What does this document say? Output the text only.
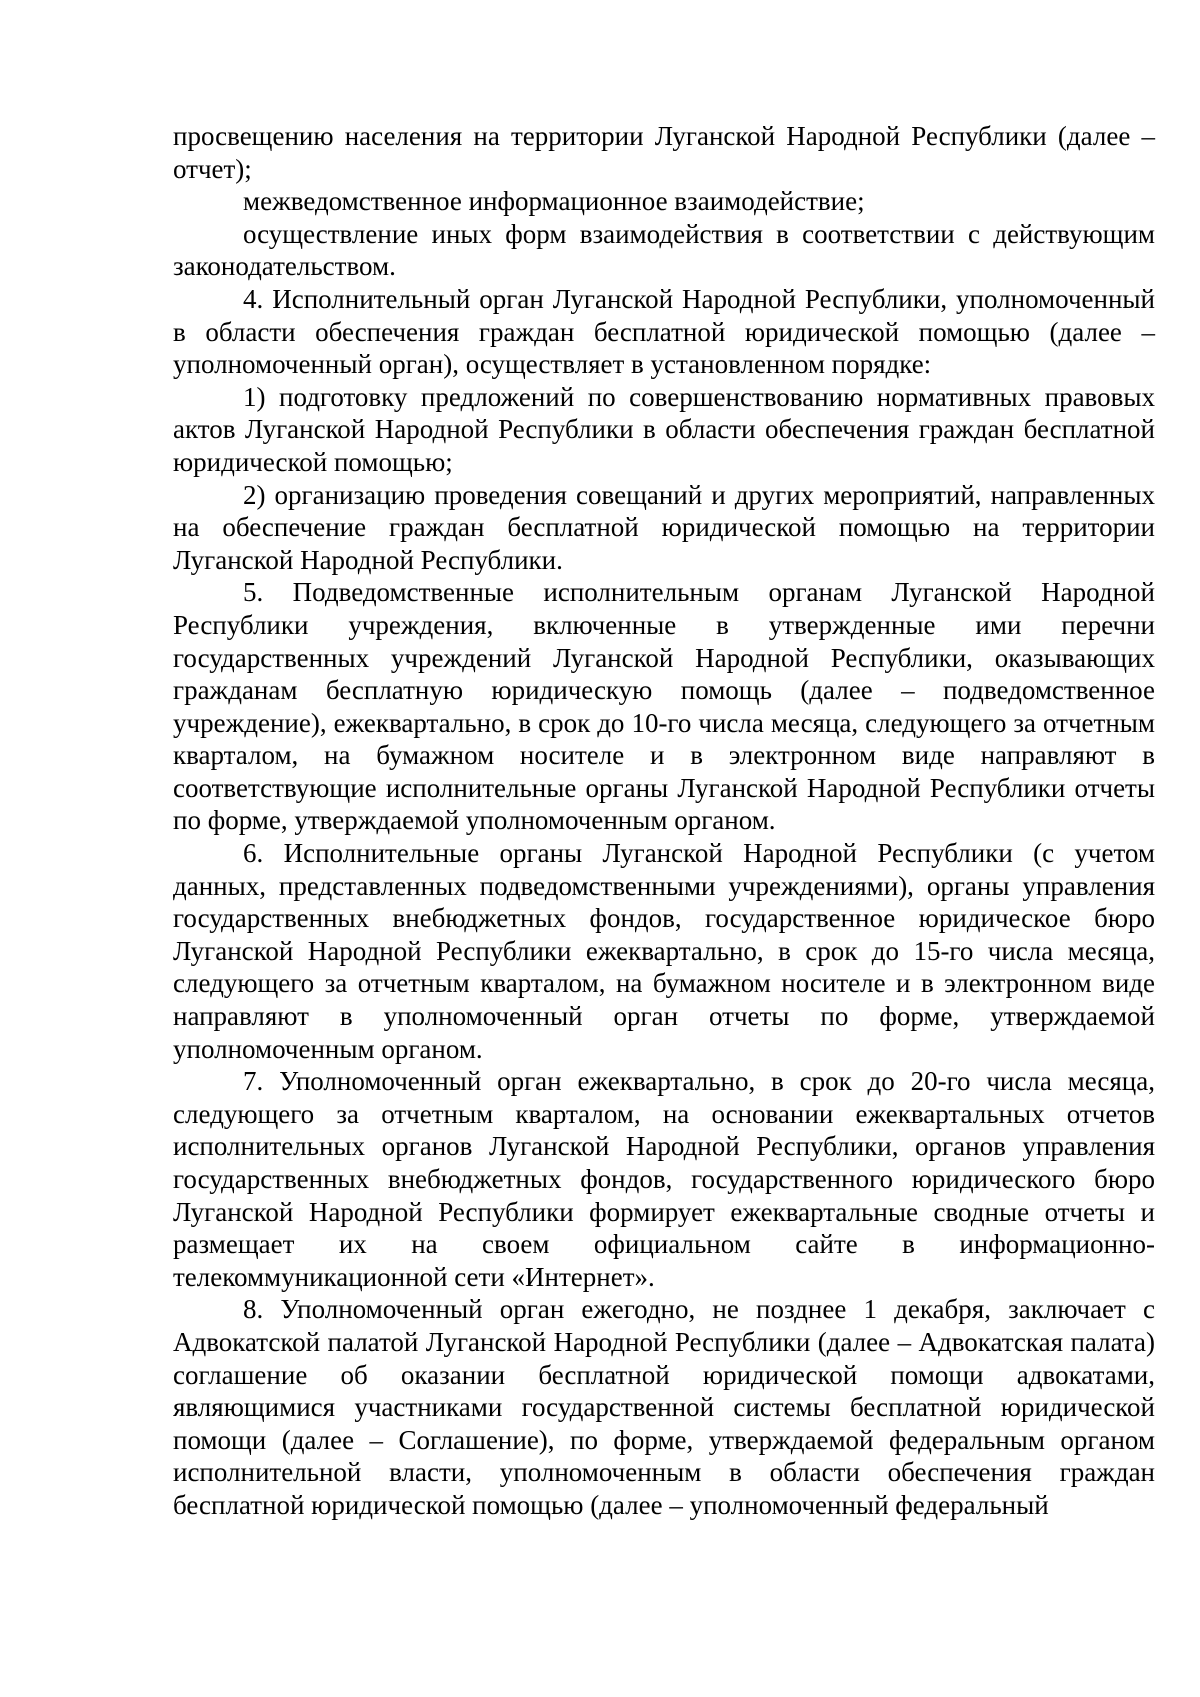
просвещению населения на территории Луганской Народной Республики (далее – отчет);

межведомственное информационное взаимодействие;

осуществление иных форм взаимодействия в соответствии с действующим законодательством.

4. Исполнительный орган Луганской Народной Республики, уполномоченный в области обеспечения граждан бесплатной юридической помощью (далее – уполномоченный орган), осуществляет в установленном порядке:

1) подготовку предложений по совершенствованию нормативных правовых актов Луганской Народной Республики в области обеспечения граждан бесплатной юридической помощью;

2) организацию проведения совещаний и других мероприятий, направленных на обеспечение граждан бесплатной юридической помощью на территории Луганской Народной Республики.

5. Подведомственные исполнительным органам Луганской Народной Республики учреждения, включенные в утвержденные ими перечни государственных учреждений Луганской Народной Республики, оказывающих гражданам бесплатную юридическую помощь (далее – подведомственное учреждение), ежеквартально, в срок до 10-го числа месяца, следующего за отчетным кварталом, на бумажном носителе и в электронном виде направляют в соответствующие исполнительные органы Луганской Народной Республики отчеты по форме, утверждаемой уполномоченным органом.

6. Исполнительные органы Луганской Народной Республики (с учетом данных, представленных подведомственными учреждениями), органы управления государственных внебюджетных фондов, государственное юридическое бюро Луганской Народной Республики ежеквартально, в срок до 15-го числа месяца, следующего за отчетным кварталом, на бумажном носителе и в электронном виде направляют в уполномоченный орган отчеты по форме, утверждаемой уполномоченным органом.

7. Уполномоченный орган ежеквартально, в срок до 20-го числа месяца, следующего за отчетным кварталом, на основании ежеквартальных отчетов исполнительных органов Луганской Народной Республики, органов управления государственных внебюджетных фондов, государственного юридического бюро Луганской Народной Республики формирует ежеквартальные сводные отчеты и размещает их на своем официальном сайте в информационно-телекоммуникационной сети «Интернет».

8. Уполномоченный орган ежегодно, не позднее 1 декабря, заключает с Адвокатской палатой Луганской Народной Республики (далее – Адвокатская палата) соглашение об оказании бесплатной юридической помощи адвокатами, являющимися участниками государственной системы бесплатной юридической помощи (далее – Соглашение), по форме, утверждаемой федеральным органом исполнительной власти, уполномоченным в области обеспечения граждан бесплатной юридической помощью (далее – уполномоченный федеральный
